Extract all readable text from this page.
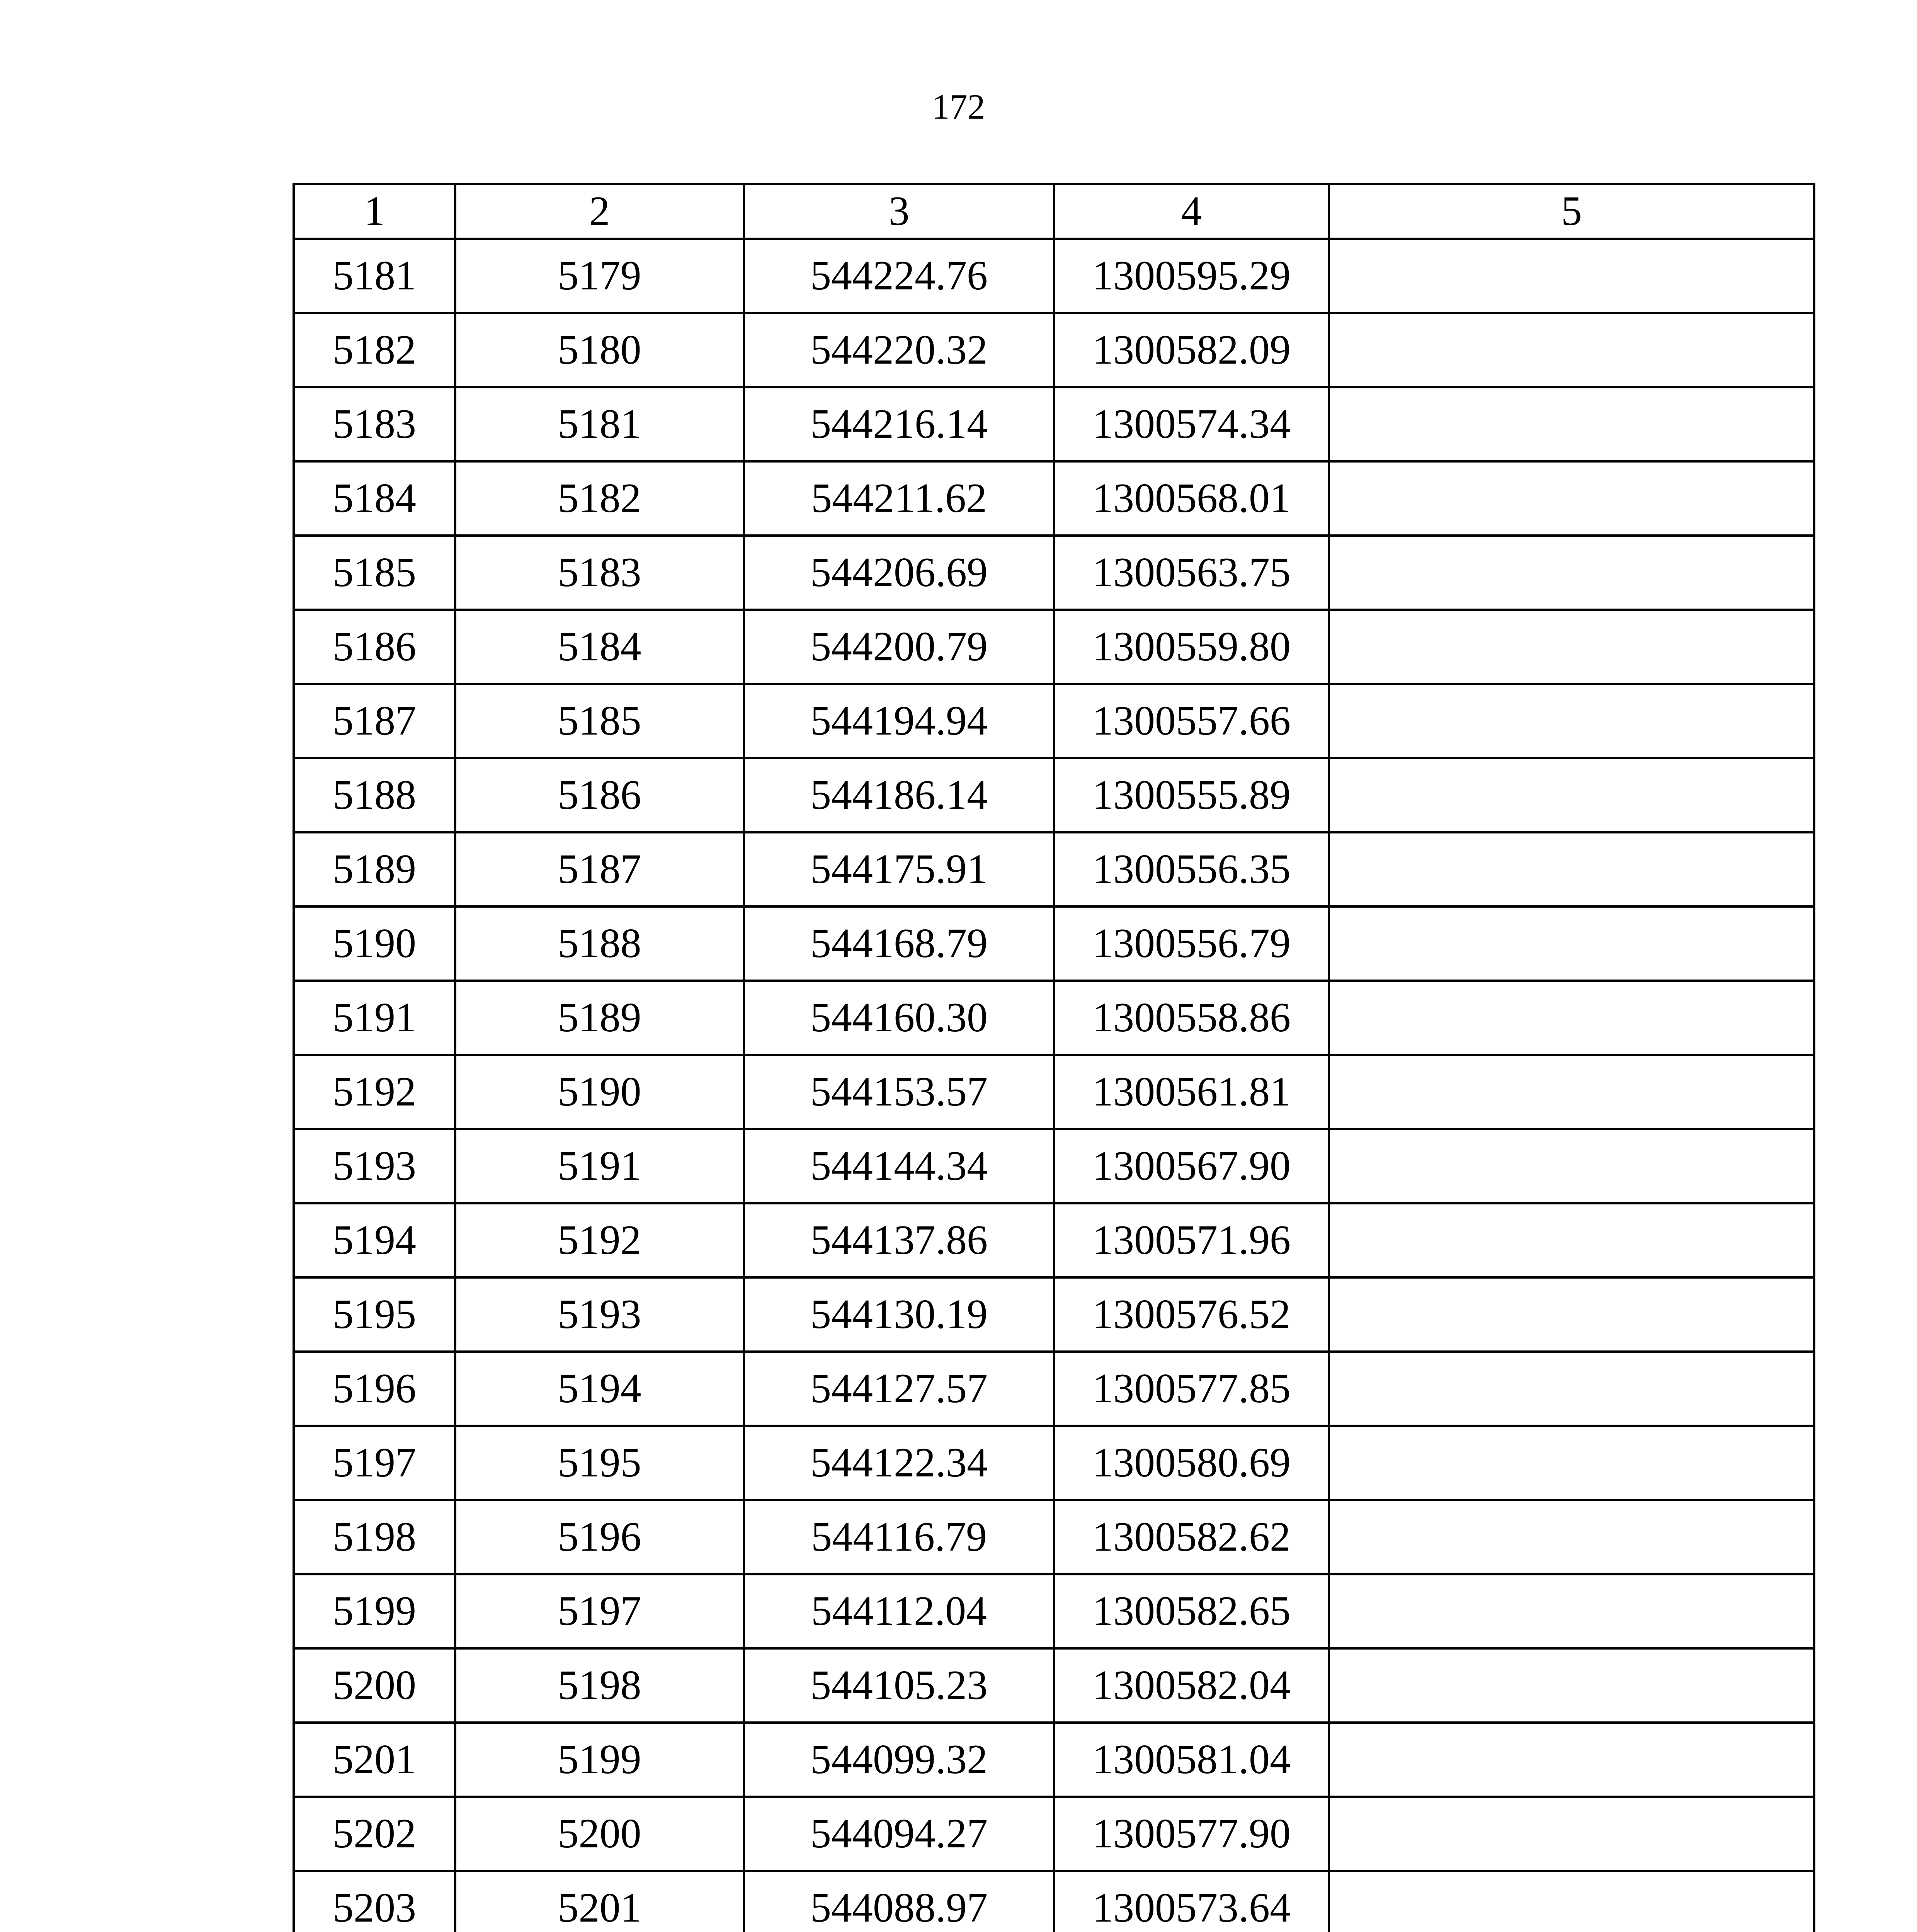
172
1	2	3	4	5
5181	5179	544224.76	1300595.29	
5182	5180	544220.32	1300582.09	
5183	5181	544216.14	1300574.34	
5184	5182	544211.62	1300568.01	
5185	5183	544206.69	1300563.75	
5186	5184	544200.79	1300559.80	
5187	5185	544194.94	1300557.66	
5188	5186	544186.14	1300555.89	
5189	5187	544175.91	1300556.35	
5190	5188	544168.79	1300556.79	
5191	5189	544160.30	1300558.86	
5192	5190	544153.57	1300561.81	
5193	5191	544144.34	1300567.90	
5194	5192	544137.86	1300571.96	
5195	5193	544130.19	1300576.52	
5196	5194	544127.57	1300577.85	
5197	5195	544122.34	1300580.69	
5198	5196	544116.79	1300582.62	
5199	5197	544112.04	1300582.65	
5200	5198	544105.23	1300582.04	
5201	5199	544099.32	1300581.04	
5202	5200	544094.27	1300577.90	
5203	5201	544088.97	1300573.64	
